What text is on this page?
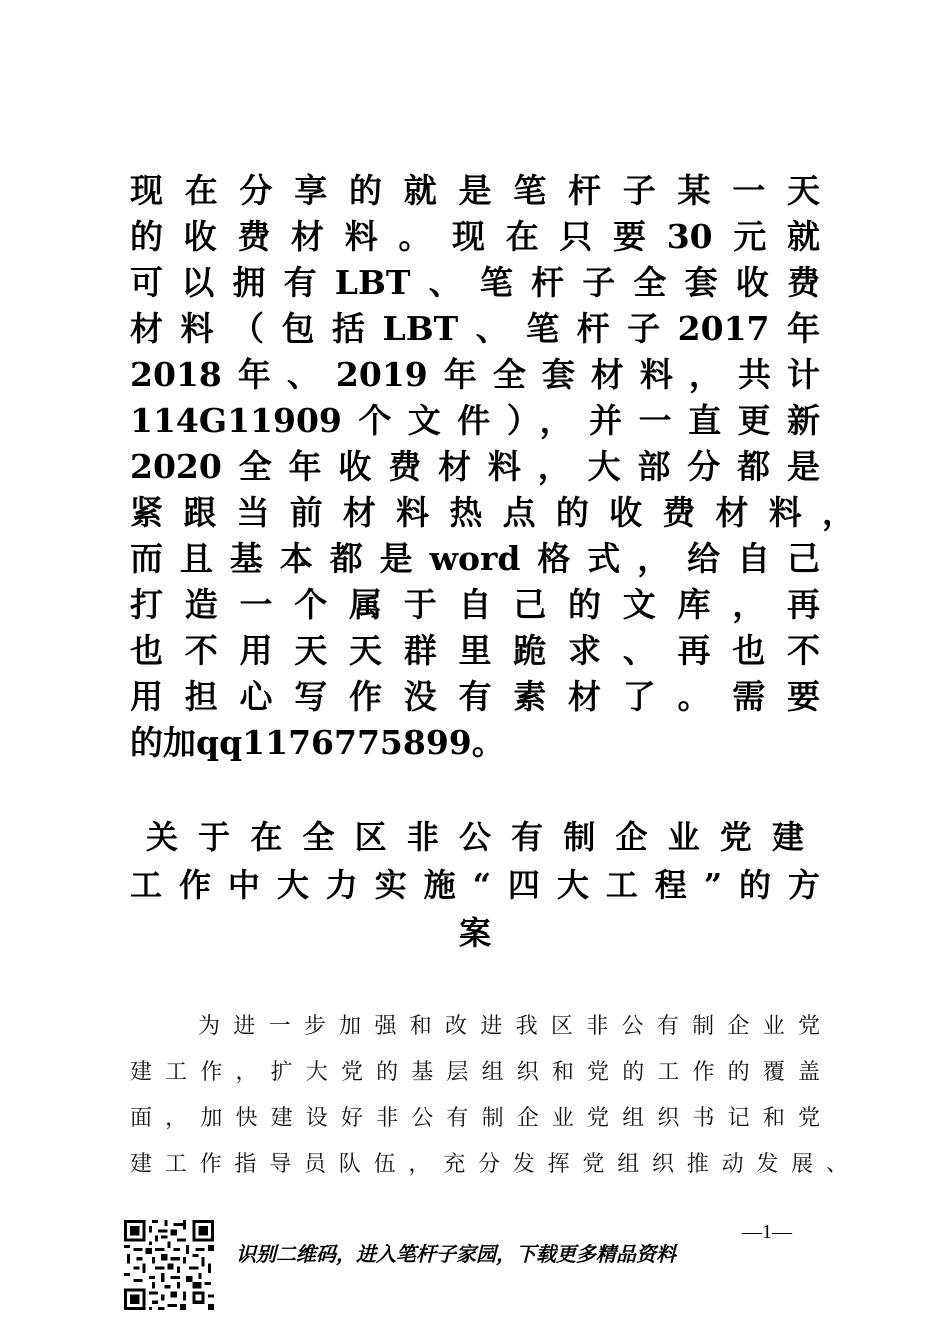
现在分享的就是笔杆子某一天
的收费材料。现在只要30元就
可以拥有LBT、笔杆子全套收费
材料（包括LBT、笔杆子2017年
2018年、2019年全套材料，共计
114G11909个文件），并一直更新
2020全年收费材料，大部分都是
紧跟当前材料热点的收费材料，
而且基本都是word格式，给自己
打造一个属于自己的文库，再
也不用天天群里跪求、再也不
用担心写作没有素材了。需要
的加qq1176775899。
关于在全区非公有制企业党建
工作中大力实施“四大工程”的方
案
为进一步加强和改进我区非公有制企业党
建工作，扩大党的基层组织和党的工作的覆盖
面，加快建设好非公有制企业党组织书记和党
建工作指导员队伍，充分发挥党组织推动发展、
识别二维码，进入笔杆子家园，下载更多精品资料
—1—
